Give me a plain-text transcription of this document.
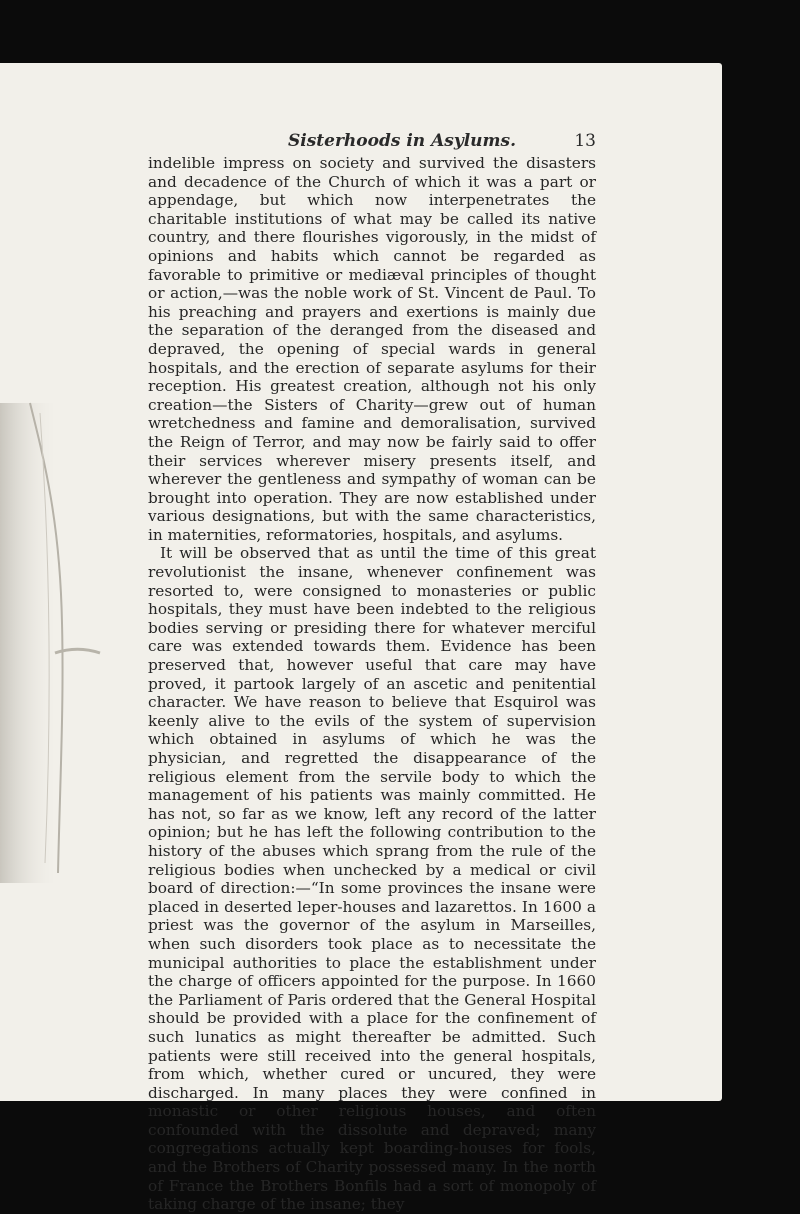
Sisterhoods in Asylums.	13

indelible impress on society and survived the disasters and decadence of the Church of which it was a part or appendage, but which now interpenetrates the charitable institutions of what may be called its native country, and there flourishes vigorously, in the midst of opinions and habits which cannot be regarded as favorable to primitive or mediæval principles of thought or action,—was the noble work of St. Vincent de Paul. To his preaching and prayers and exertions is mainly due the separation of the deranged from the diseased and depraved, the opening of special wards in general hospitals, and the erection of separate asylums for their reception. His greatest creation, although not his only creation—the Sisters of Charity—grew out of human wretchedness and famine and demoralisation, survived the Reign of Terror, and may now be fairly said to offer their services wherever misery presents itself, and wherever the gentleness and sympathy of woman can be brought into operation. They are now established under various designations, but with the same characteristics, in maternities, reformatories, hospitals, and asylums.

It will be observed that as until the time of this great revolutionist the insane, whenever confinement was resorted to, were consigned to monasteries or public hospitals, they must have been indebted to the religious bodies serving or presiding there for whatever merciful care was extended towards them. Evidence has been preserved that, however useful that care may have proved, it partook largely of an ascetic and penitential character. We have reason to believe that Esquirol was keenly alive to the evils of the system of supervision which obtained in asylums of which he was the physician, and regretted the disappearance of the religious element from the servile body to which the management of his patients was mainly committed. He has not, so far as we know, left any record of the latter opinion; but he has left the following contribution to the history of the abuses which sprang from the rule of the religious bodies when unchecked by a medical or civil board of direction:—“In some provinces the insane were placed in deserted leper-houses and lazarettos. In 1600 a priest was the governor of the asylum in Marseilles, when such disorders took place as to necessitate the municipal authorities to place the establishment under the charge of officers appointed for the purpose. In 1660 the Parliament of Paris ordered that the General Hospital should be provided with a place for the confinement of such lunatics as might thereafter be admitted. Such patients were still received into the general hospitals, from which, whether cured or uncured, they were discharged. In many places they were confined in monastic or other religious houses, and often confounded with the dissolute and depraved; many congregations actually kept boarding-houses for fools, and the Brothers of Charity possessed many. In the north of France the Brothers Bonfils had a sort of monopoly of taking charge of the insane; they
